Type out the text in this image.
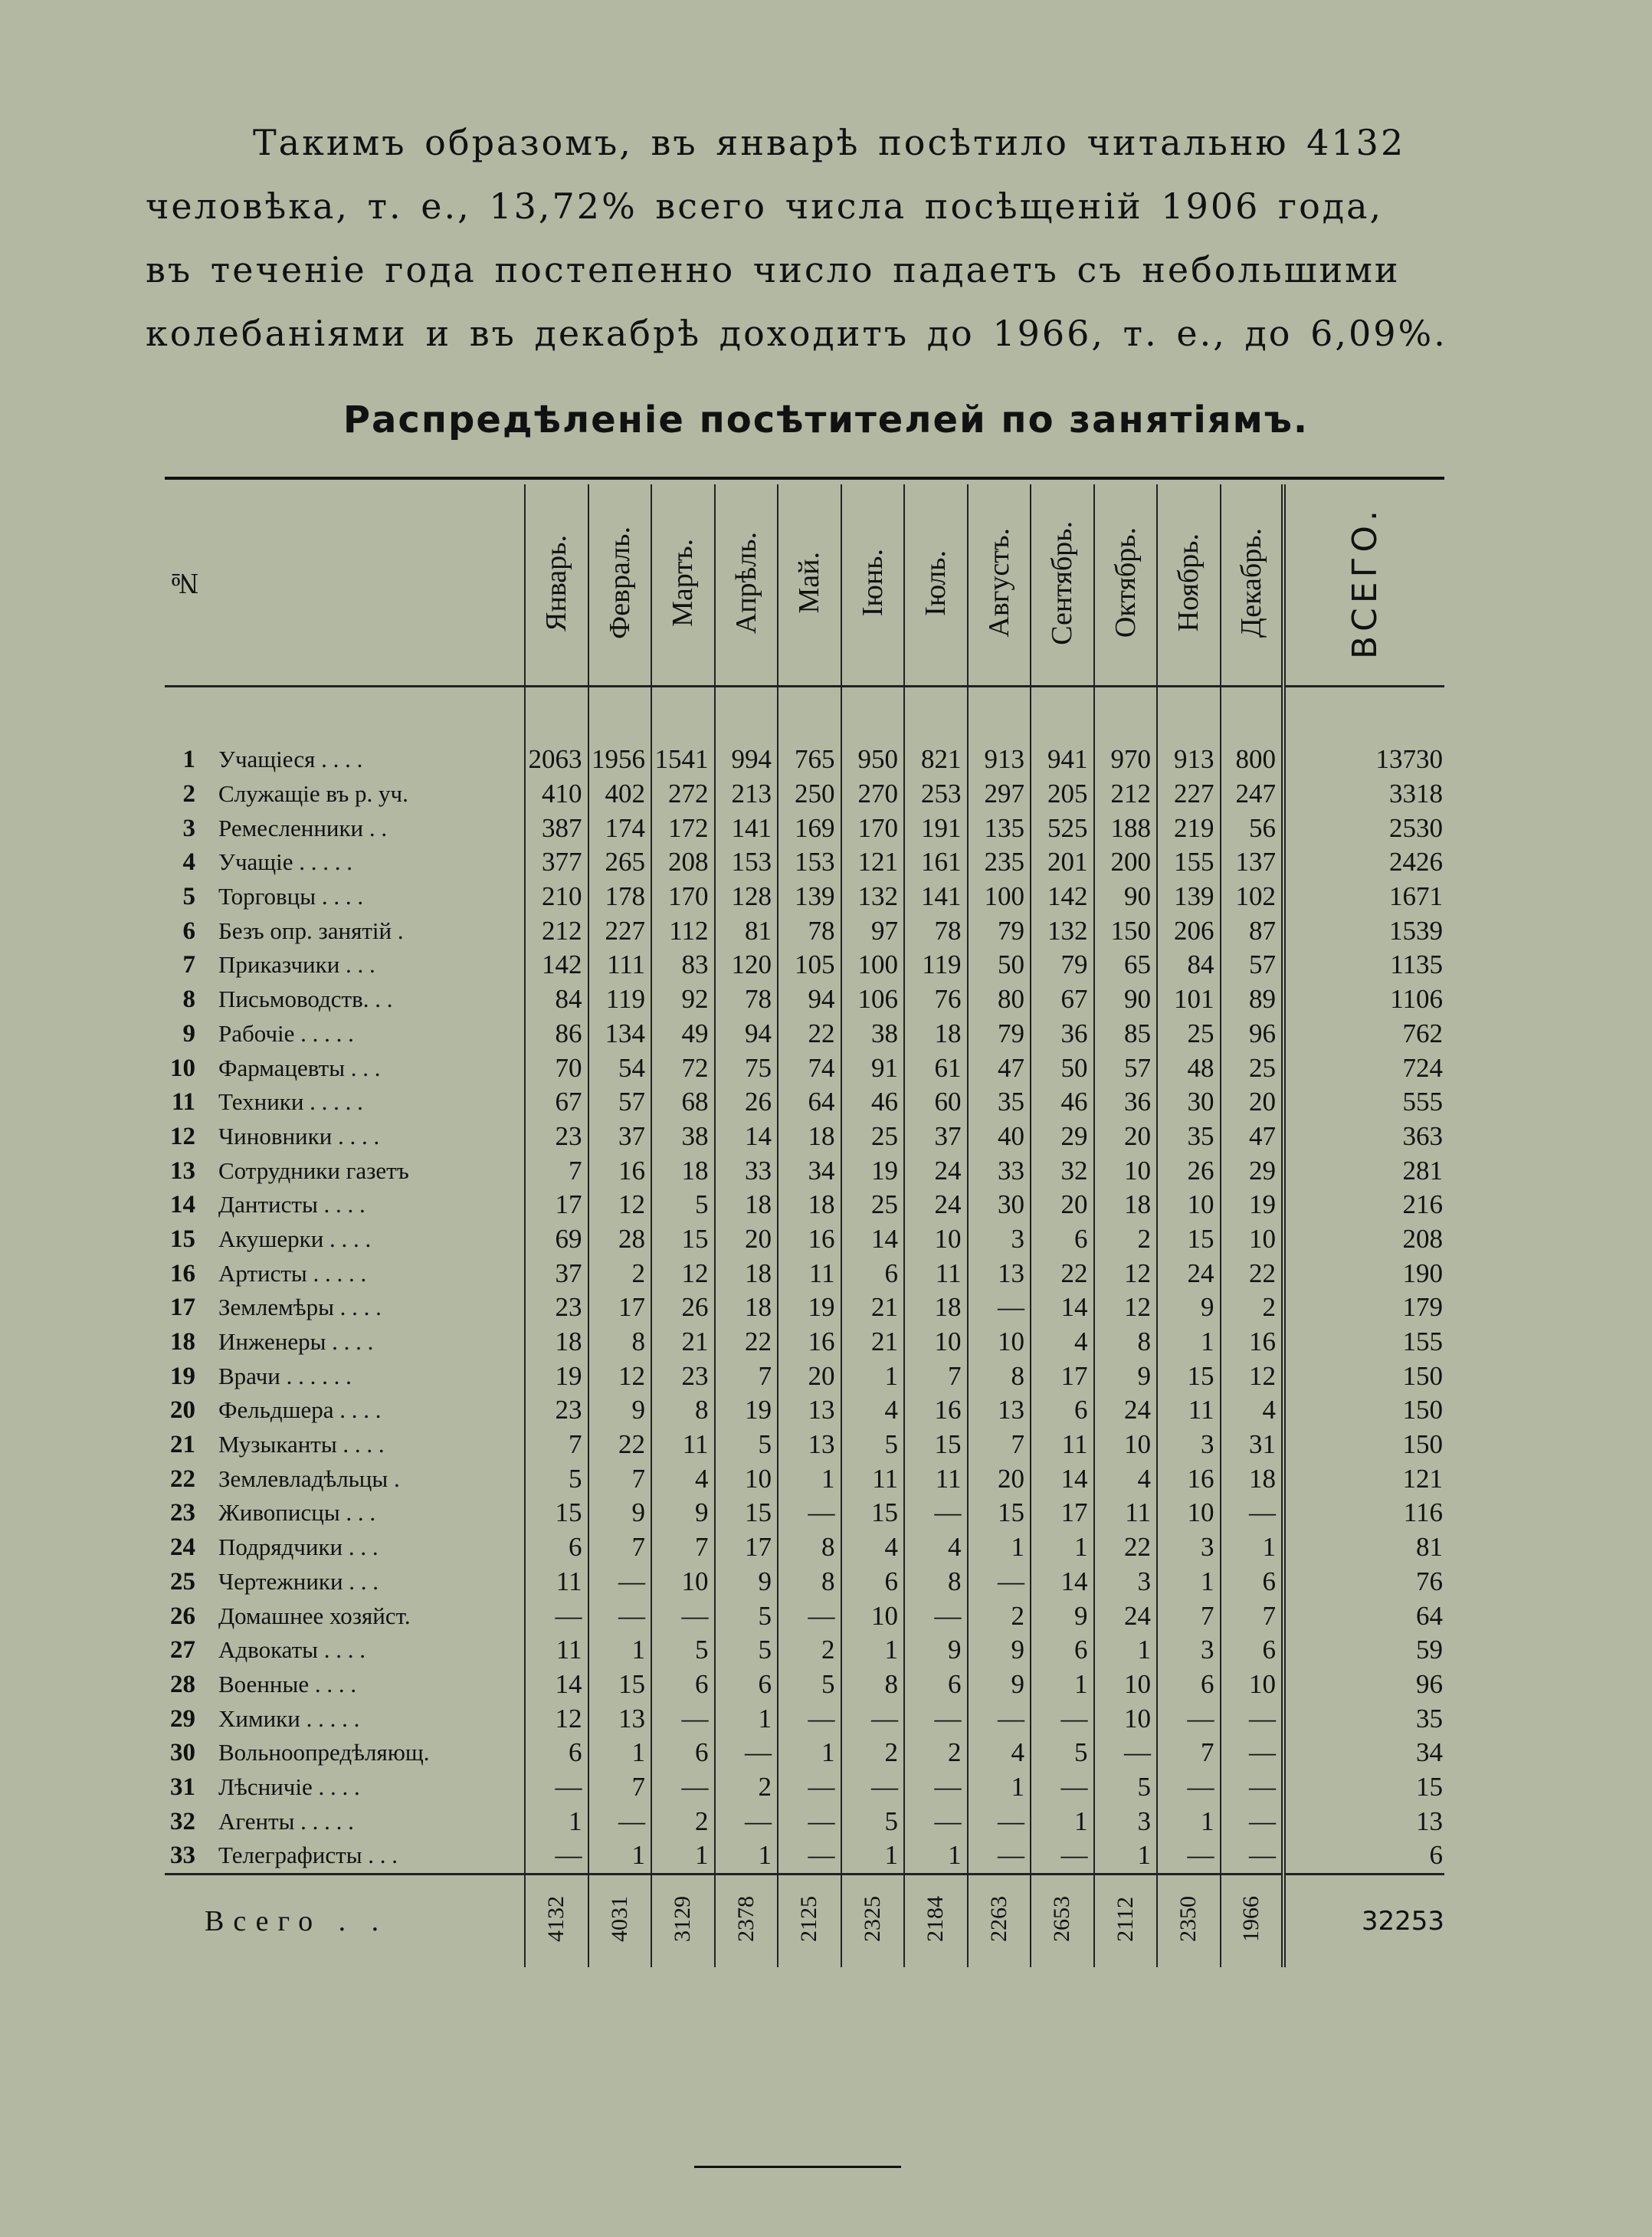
Такимъ образомъ, въ январѣ посѣтило читальню 4132
человѣка, т. е., 13,72% всего числа посѣщеній 1906 года,
въ теченіе года постепенно число падаетъ съ небольшими
колебаніями и въ декабрѣ доходитъ до 1966, т. е., до 6,09%.
Распредѣленіе посѣтителей по занятіямъ.
№		Январь.	Февраль.	Мартъ.	Апрѣль.	Май.	Іюнь.	Іюль.	Августъ.	Сентябрь.	Октябрь.	Ноябрь.	Декабрь.	ВСЕГО.

1	Учащіеся . . . .	2063	1956	1541	994	765	950	821	913	941	970	913	800	13730
2	Служащіе въ р. уч.	410	402	272	213	250	270	253	297	205	212	227	247	3318
3	Ремесленники . .	387	174	172	141	169	170	191	135	525	188	219	56	2530
4	Учащіе . . . . .	377	265	208	153	153	121	161	235	201	200	155	137	2426
5	Торговцы . . . .	210	178	170	128	139	132	141	100	142	90	139	102	1671
6	Безъ опр. занятій .	212	227	112	81	78	97	78	79	132	150	206	87	1539
7	Приказчики . . .	142	111	83	120	105	100	119	50	79	65	84	57	1135
8	Письмоводств. . .	84	119	92	78	94	106	76	80	67	90	101	89	1106
9	Рабочіе . . . . .	86	134	49	94	22	38	18	79	36	85	25	96	762
10	Фармацевты . . .	70	54	72	75	74	91	61	47	50	57	48	25	724
11	Техники . . . . .	67	57	68	26	64	46	60	35	46	36	30	20	555
12	Чиновники . . . .	23	37	38	14	18	25	37	40	29	20	35	47	363
13	Сотрудники газетъ	7	16	18	33	34	19	24	33	32	10	26	29	281
14	Дантисты . . . .	17	12	5	18	18	25	24	30	20	18	10	19	216
15	Акушерки . . . .	69	28	15	20	16	14	10	3	6	2	15	10	208
16	Артисты . . . . .	37	2	12	18	11	6	11	13	22	12	24	22	190
17	Землемѣры . . . .	23	17	26	18	19	21	18	—	14	12	9	2	179
18	Инженеры . . . .	18	8	21	22	16	21	10	10	4	8	1	16	155
19	Врачи . . . . . .	19	12	23	7	20	1	7	8	17	9	15	12	150
20	Фельдшера . . . .	23	9	8	19	13	4	16	13	6	24	11	4	150
21	Музыканты . . . .	7	22	11	5	13	5	15	7	11	10	3	31	150
22	Землевладѣльцы .	5	7	4	10	1	11	11	20	14	4	16	18	121
23	Живописцы . . .	15	9	9	15	—	15	—	15	17	11	10	—	116
24	Подрядчики . . .	6	7	7	17	8	4	4	1	1	22	3	1	81
25	Чертежники . . .	11	—	10	9	8	6	8	—	14	3	1	6	76
26	Домашнее хозяйст.	—	—	—	5	—	10	—	2	9	24	7	7	64
27	Адвокаты . . . .	11	1	5	5	2	1	9	9	6	1	3	6	59
28	Военные . . . .	14	15	6	6	5	8	6	9	1	10	6	10	96
29	Химики . . . . .	12	13	—	1	—	—	—	—	—	10	—	—	35
30	Вольноопредѣляющ.	6	1	6	—	1	2	2	4	5	—	7	—	34
31	Лѣсничіе . . . .	—	7	—	2	—	—	—	1	—	5	—	—	15
32	Агенты . . . . .	1	—	2	—	—	5	—	—	1	3	1	—	13
33	Телеграфисты . . .	—	1	1	1	—	1	1	—	—	1	—	—	6
	Всего . .	4132	4031	3129	2378	2125	2325	2184	2263	2653	2112	2350	1966	32253
